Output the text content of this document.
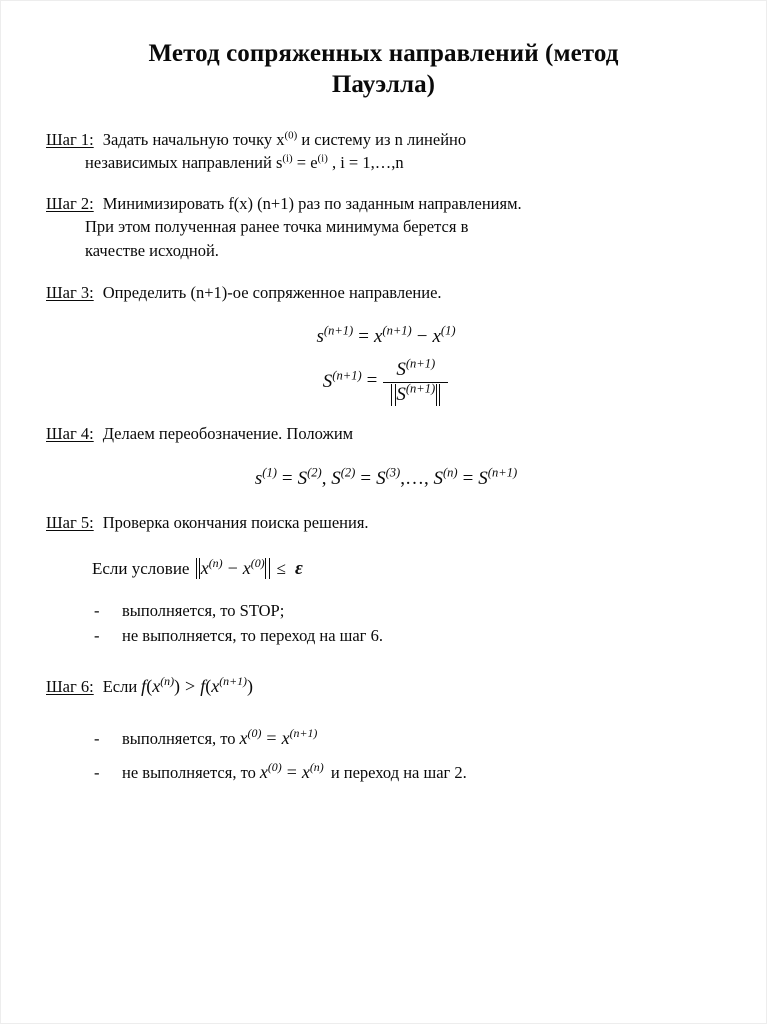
Метод сопряженных направлений (метод Пауэлла)
Шаг 1: Задать начальную точку $x^{(0)}$ и систему из n линейно
независимых направлений $s^{(i)} = e^{(i)}$ , i = 1,…,n
Шаг 2: Минимизировать f(x) (n+1) раз по заданным направлениям.
При этом полученная ранее точка минимума берется в
качестве исходной.
Шаг 3: Определить (n+1)-ое сопряженное направление.
$s^{(n+1)} = x^{(n+1)} - x^{(1)}$
$S^{(n+1)} = \frac{S^{(n+1)}}{S^{(n+1)}}$
Шаг 4: Делаем переобозначение. Положим
$s^{(1)} = S^{(2)}$, $S^{(2)}$ = $S^{(3)},\dots$, $S^{(n)} = S^{(n+1)}$
Шаг 5: Проверка окончания поиска решения.
Если условие $x^{(n)} - x^{(0)} \le \varepsilon$
- выполняется, то STOP;
- не выполняется, то переход на шаг 6.
Шаг 6: Если $f(x^{(n)}) > f(x^{(n+1)})$
- выполняется, то $x^{(0)} = x^{(n+1)}$
- не выполняется, то $x^{(0)} = x^{(n)}$ и переход на шаг 2.
